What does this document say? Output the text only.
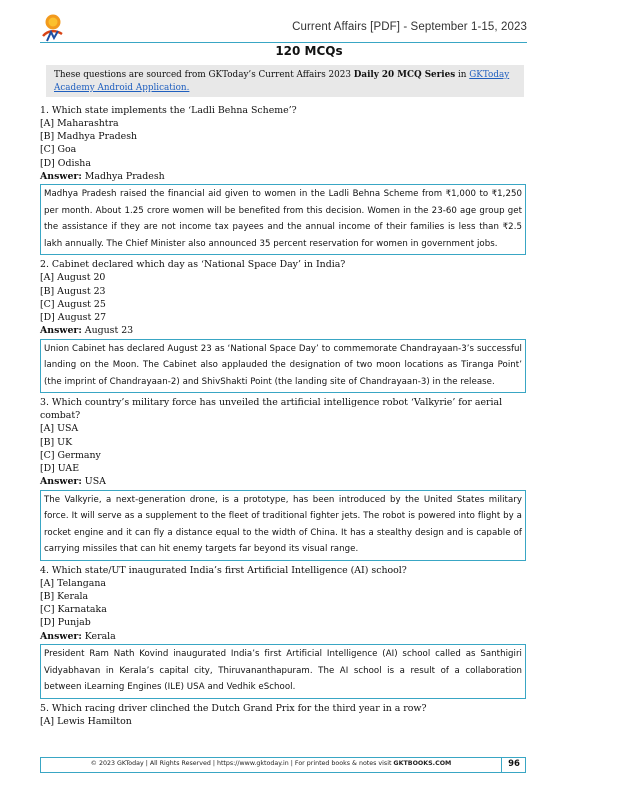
Current Affairs [PDF] - September 1-15, 2023
120 MCQs
These questions are sourced from GKToday’s Current Affairs 2023 Daily 20 MCQ Series in GKToday Academy Android Application.
1. Which state implements the ‘Ladli Behna Scheme’?
[A] Maharashtra
[B] Madhya Pradesh
[C] Goa
[D] Odisha
Answer: Madhya Pradesh
Madhya Pradesh raised the financial aid given to women in the Ladli Behna Scheme from ₹1,000 to ₹1,250 per month. About 1.25 crore women will be benefited from this decision. Women in the 23-60 age group get the assistance if they are not income tax payees and the annual income of their families is less than ₹2.5 lakh annually. The Chief Minister also announced 35 percent reservation for women in government jobs.
2. Cabinet declared which day as ‘National Space Day’ in India?
[A] August 20
[B] August 23
[C] August 25
[D] August 27
Answer: August 23
Union Cabinet has declared August 23 as ‘National Space Day’ to commemorate Chandrayaan-3’s successful landing on the Moon. The Cabinet also applauded the designation of two moon locations as Tiranga Point’ (the imprint of Chandrayaan-2) and ShivShakti Point (the landing site of Chandrayaan-3) in the release.
3. Which country’s military force has unveiled the artificial intelligence robot ‘Valkyrie’ for aerial combat?
[A] USA
[B] UK
[C] Germany
[D] UAE
Answer: USA
The Valkyrie, a next-generation drone, is a prototype, has been introduced by the United States military force. It will serve as a supplement to the fleet of traditional fighter jets. The robot is powered into flight by a rocket engine and it can fly a distance equal to the width of China. It has a stealthy design and is capable of carrying missiles that can hit enemy targets far beyond its visual range.
4. Which state/UT inaugurated India’s first Artificial Intelligence (AI) school?
[A] Telangana
[B] Kerala
[C] Karnataka
[D] Punjab
Answer: Kerala
President Ram Nath Kovind inaugurated India’s first Artificial Intelligence (AI) school called as Santhigiri Vidyabhavan in Kerala’s capital city, Thiruvananthapuram. The AI school is a result of a collaboration between iLearning Engines (ILE) USA and Vedhik eSchool.
5. Which racing driver clinched the Dutch Grand Prix for the third year in a row?
[A] Lewis Hamilton
© 2023 GKToday | All Rights Reserved | https://www.gktoday.in | For printed books & notes visit GKTBOOKS.COM	96
